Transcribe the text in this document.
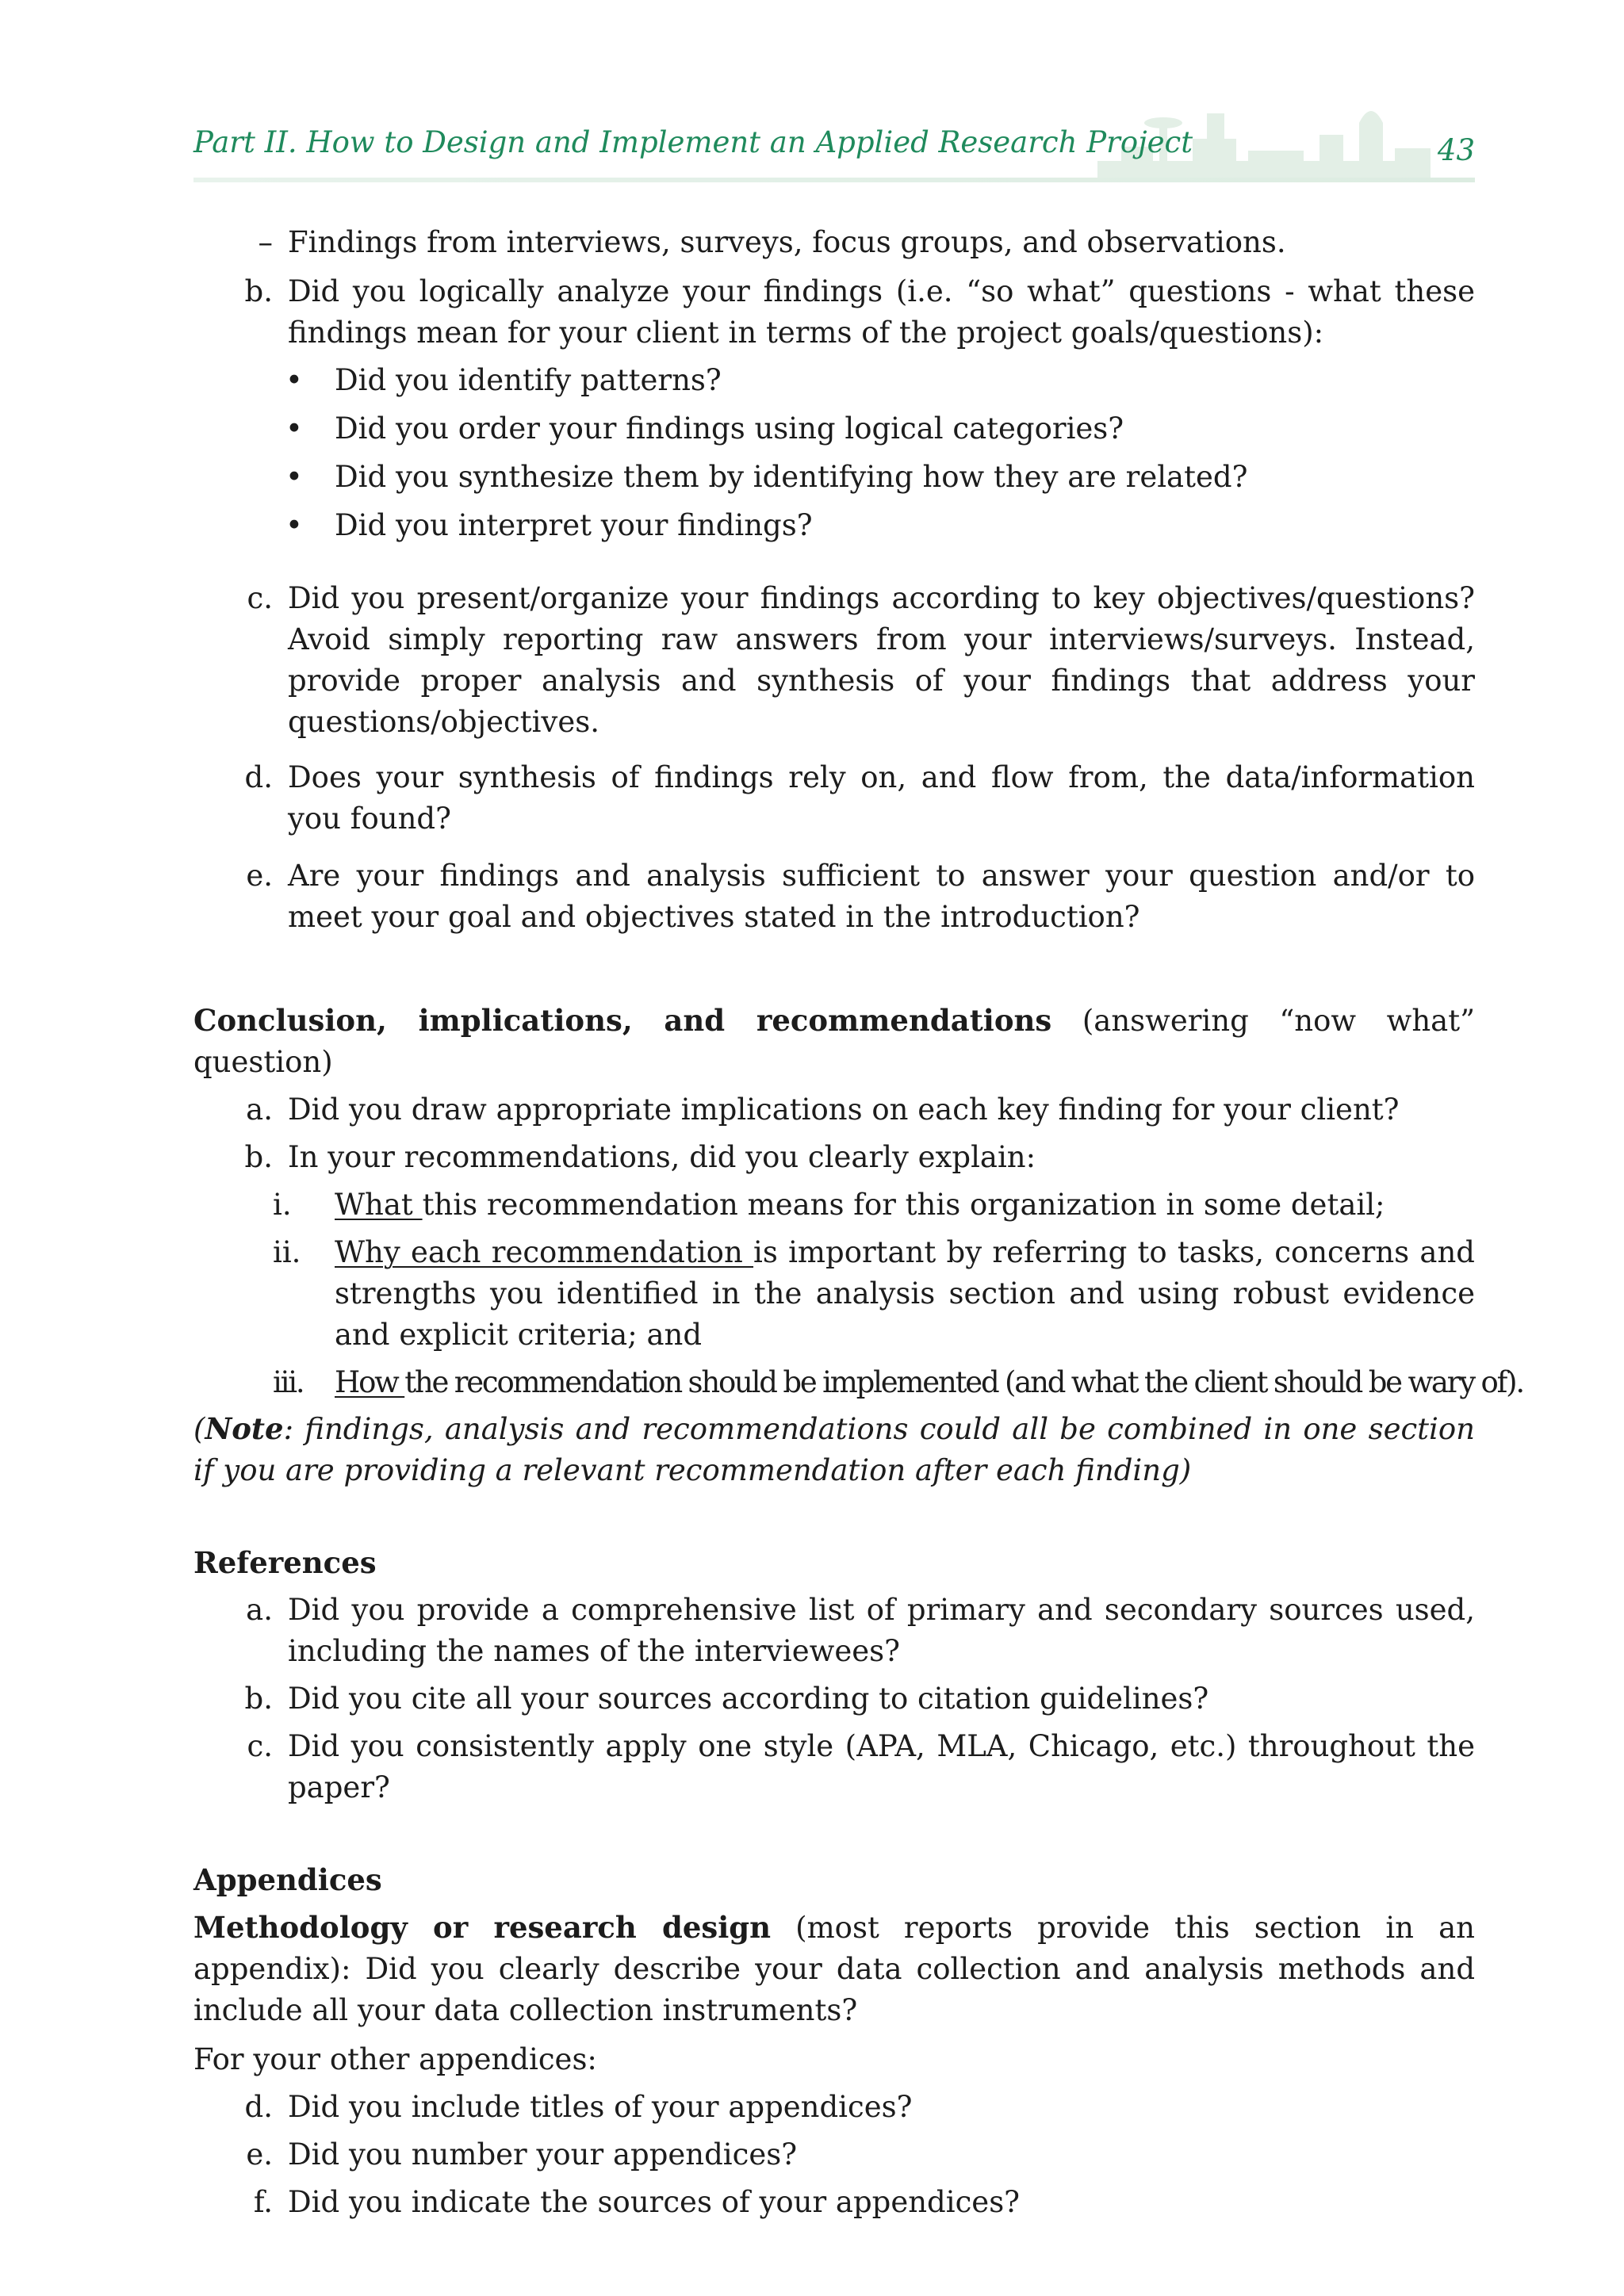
Part II. How to Design and Implement an Applied Research Project	43
– Findings from interviews, surveys, focus groups, and observations.
b. Did you logically analyze your findings (i.e. “so what” questions - what these findings mean for your client in terms of the project goals/questions):
• Did you identify patterns?
• Did you order your findings using logical categories?
• Did you synthesize them by identifying how they are related?
• Did you interpret your findings?
c. Did you present/organize your findings according to key objectives/questions? Avoid simply reporting raw answers from your interviews/surveys. Instead, provide proper analysis and synthesis of your findings that address your questions/objectives.
d. Does your synthesis of findings rely on, and flow from, the data/information you found?
e. Are your findings and analysis sufficient to answer your question and/or to meet your goal and objectives stated in the introduction?
Conclusion, implications, and recommendations (answering “now what” question)
a. Did you draw appropriate implications on each key finding for your client?
b. In your recommendations, did you clearly explain:
i.	What this recommendation means for this organization in some detail;
ii.	Why each recommendation is important by referring to tasks, concerns and strengths you identified in the analysis section and using robust evidence and explicit criteria; and
iii.	How the recommendation should be implemented (and what the client should be wary of).
(Note: findings, analysis and recommendations could all be combined in one section if you are providing a relevant recommendation after each finding)
References
a. Did you provide a comprehensive list of primary and secondary sources used, including the names of the interviewees?
b. Did you cite all your sources according to citation guidelines?
c. Did you consistently apply one style (APA, MLA, Chicago, etc.) throughout the paper?
Appendices
Methodology or research design (most reports provide this section in an appendix): Did you clearly describe your data collection and analysis methods and include all your data collection instruments?
For your other appendices:
d. Did you include titles of your appendices?
e. Did you number your appendices?
f. Did you indicate the sources of your appendices?
